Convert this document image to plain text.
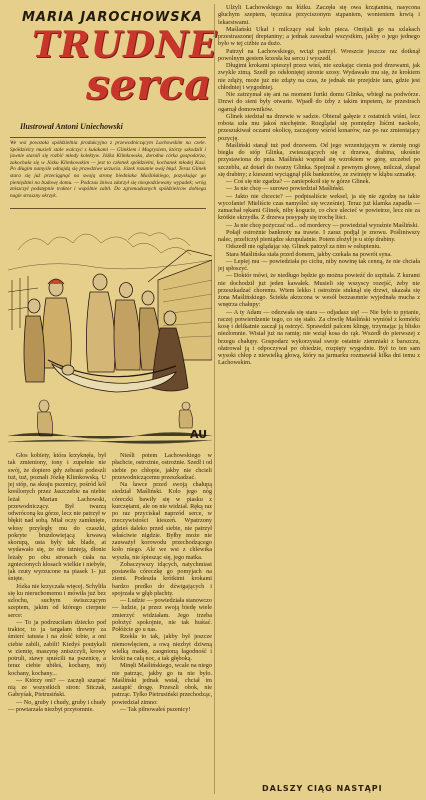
MARIA JAROCHOWSKA
TRUDNE
serca
Ilustrował Antoni Uniechowski
We wsi powstała spółdzielnia produkcyjna z przewodniczącym Lachowskim na czele. Spółdzielcy musieli stale walczyć z kułakami — Glinkiem i Magrysiem, którzy szkodzili i jawnie starali się rozbić młody kolektyw. Jóźka Klimkowska, dorodna córka gospodarza, zakochała się w Józku Klimkowskim — jest to członek spółdzielni, kochanek młodej Kasi. Po długim namyśle odnajdą się prawdziwe uczucia. Józek rozumie swój błąd. Teraz Glinek stara się już przeciągnąć na swoją stronę biedniaka Maślińskiego, pozyskując go pieniędzmi na budowę domu. — Podczas żniwa zdarzył się niespodziewany wypadek; wróg zniszczył podstępnie traktor i wspólnie zabił. Do zgromadzonych spółdzielców dobiega nagle straszny okrzyk.
AU

Ulżyli Lachowskiego na łóżku. Zaczęła się owa krzątanina, nasycona głuchym szeptem, tęcznica przyciszonym stąpaniem, wonieniem krwią i lekarstwami.

Maślański Ukał i milczący stał koło pieca. Omijali go na szlakach przestraszonej dreptaniny; a jednak zawadzał wszystkim, jakby o jego jednego było w tej ciżbie za dużo.

Patrzył na Lachowskiego, wciąż patrzył. Wreszcie jeszcze raz dotknął powolnym gestem krzesła ku sercu i wyszedł.

Długimi krokami spieszył przez wieś, nie szukając cienia pod drzewami, jak zwykle zimą. Szedł po odsłoniętej stronie szosy. Wydawało mu się, że krokiem nie zdąży, może już nie zdąży na czas, że jednak nie przejdzie tam, gdzie jest chłodniej i wygodniej.

Nie zatrzymał się ani na moment furtki domu Glinka, wbiegł na podwórze. Drzwi do sieni były otwarte. Wpadł do izby z takim impetem, że przestrach ogarnął domowników.

Glinek siedział na drzewie w sadzie. Obierał gałęzie z ostatnich wiśni, lecz robota szła mu jakoś niechętnie. Rozglądał się pomiędzy liśćmi naokoło, przeszukiwał oczami okolicę, zaczajony wśród konarów, raz po raz zmieniający pozycję.

Maśliński stanął tuż pod drzewem. Od jego wrzeniującym w ziemię nogi biegła do stóp Glinka, zwieszających się z drzewa, drabina, ukośnie przystawiona do pnia. Maśliński wspinał się wzrokiem w górę, szczebel po szczeblu, aż dotarł do twarzy Glinka. Spojrzał z pewnym głowę, milczał, złapał się drabiny; z kieszeni wyciągnął plik banknotów, ze zwinięty w kłąbu szmatkę.

— Coś się nie zgadza? — zaniepokoił się w górze Glinek.

— Ja nie chcę — surowo powiedział Maśliński.

— Jakto nie chcecie? — podpisaliście weksel, ja się nie zgodzę na takie wycofanie! Mieliście czas namyśleć się wcześniej. Teraz już klamka zapadła — zamachał rękami Glinek, niby kogucie, co chce ulecieć w powietrze, lecz nie za krótkie skrzydła. Z drzewa posypały się trochę liści.

— Ja nie chcę pożyczać od... od mordercy — powiedział wyraźnie Maśliński.

Połajł ostrożnie banknoty na trawie. I zaraz podjął je znowu. Pośliniwszy nalec, przeliczył pieniądze skrupulatnie. Potem złożył je u stóp drabiny.

Odszedł nie oglądając się. Glinek patrzył za nim w osłupieniu.

Stara Maślińska stała przed domem, jakby czekała na powrót syna.

— Lepiej mu — powiedziała po cichu, niby nowinę tak cenną, że nie chciała jej spłoszyć.

— Doktór mówi, że niedługo będzie go można powieźć do szpitala. Z kurami nie dochodził już jeden kawałek. Musieli się wszyscy rozejść, żeby nie przeszkadzać choremu. Wtem lekko i ostrożnie stuknął się drzwi, ukazała się żona Maślińskiego. Ściekła akrzcona w wesół bezzasmnie wyjednała mucha z wnętrza chałupy:

— A ty Adam — odezwała się stara — odjadasz się! — Nie było to pytanie, raczej potwierdzenie tego, co się stało. Za chwilę Maśliński wyniósł z komórki kosę i delikatnie zaczął ją ostrzyć. Sprawdził palcem klingę, trzymając ją blisko niezłomnie. Wisiał już na ramię; nie wziął kosa do rąk. Wszedł do pierwszej z brzegu chałupy. Gospodarz wykorzystał swoje ostatnie ziemniaki z barszczu, ołatrował ją i odpoczywał po obiedzie, rozpięty wygodnie. Był to ten sam wysoki chłop z niewielką głową, który na jarmarku rozmawiał kilka dni temu z Lachowskim.

Głos kobiety, która krzyknęła, był tak zmieniony, iony i zupełnie nie swój, że dopiero gdy zebrani podeszli tuż, tuż, poznali Józkę Klimkowską. U jej stóp, na skraju pszenicy, pośród kół kreślonych przez Jaszczebie na niebie leżał Marian Lachowski, przewodniczący. Był twarzą odwróconą ku górze, lecz nie patrzył w błękit nad sobą. Miał oczy zamknięte, włosy przyległy mu do czaszki, pokryte bruzdowiejącą krwawą skorupą, usta były tak blade, ai wydawało się, że nie istnieją, dłonie leżały po obu stronach ciała na zgniecionych kłosach wielkie i niebyłe, jak rzuty wyrzucone na piasek 1- już śnięte.

Józka nie krzyczała więcej. Schyliła się ku nieruchomemu i mówiła już bez szlochu, suchym świszczącym szeptem, jakim od którego cierpnie serce:

— To ja podrzuciłam dziecko pod traktor, to ja targałam drewny za śmierć tatusia i na złość tobie, a oni ciebie zabili, zabili! Kiedyś poutykali w ziemię, maszynę zniszczyli, krowy potruli, stawy spuścili na pszenicę, a teraz ciebie ubiłeś, kochany, mój kochany, kochany...

— Którzy oni? — zaczęli szarpać nią ze wszystkich stron: Sitczak, Gabryśak, Pietrusiński.

— No, gruby i chudy, gruby i chudy — powtarzała niezbyt przytomnie.

Nieśli potem Lachowskiego w płachcie, ostrożnie, ostrożnie. Szedł i od siebie po chłopie, jakby nie chcieli przewodniczącemu przeszkadzać.

Na ławce przed swoją chałupą siedział Maśliński. Kolo jego nóg córeczki bawiły się w piasku z kurczętami, ale on nie widział. Ręką raz po raz przyciskał naprzód serce, w rzeczywistości kieszeń. Wpatrzony gdzieś daleko przed siebie, nie patrzył właściwie nigdzie. Byłby może nie zauważył korowodu przechodzącego koło niego. Ale we wsi z chlewika wyszła, nie śpiesząc się, jego matka.

Zobaczywszy idących, natychmiast postawiła córeczkę go pomyjach na ziemi. Podeszła krótkimi krokami bardzo predko do dźwigających i spojrzała w głąb płachty.

— Ludzie — powiedziała stanowczo — ludzie, ja przez swoją biedę wiele zmierzyć widziałam. Jego trzeba położyć spokojnie, nie tak huśtać. Połóżcie go u nas.

Rzekła to tak, jakby był jeszcze niemowlęciem, a ową niezbyt dziwną wielką matkę, zaognioną łagodność i kroki na całą noc, a tak głęboką.

Minęli Maślińskiego, wcale na niego nie patrząc, jakby go tu nie było. Maśliński jednak wstał, chciał im zastąpić drogę. Przeszli obok, nie patrząc. Tylko Pietrusiński przechodząc, powiedział zimno:

— Tak pilnowałeś pszenicy!

DALSZY CIĄG NASTĄPI
